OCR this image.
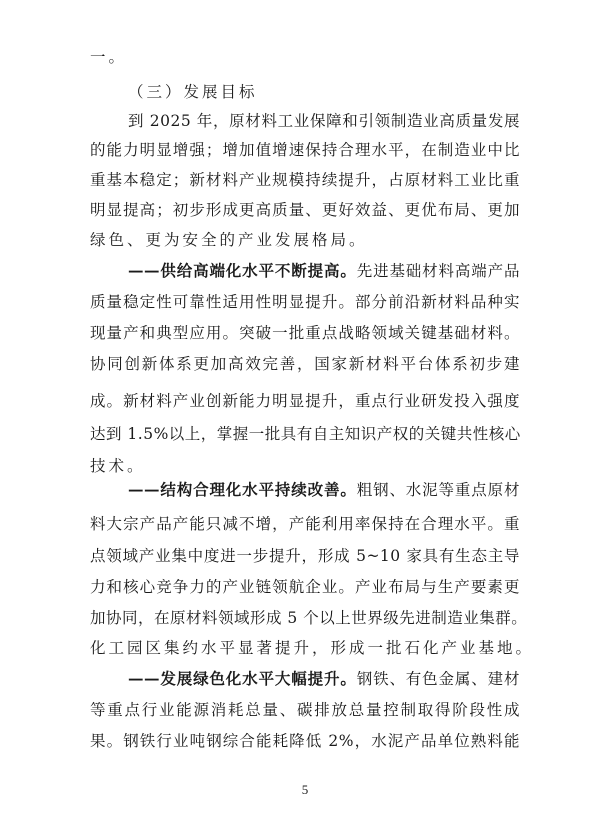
一。
（三）发展目标
到 2025 年，原材料工业保障和引领制造业高质量发展
的能力明显增强；增加值增速保持合理水平，在制造业中比
重基本稳定；新材料产业规模持续提升，占原材料工业比重
明显提高；初步形成更高质量、更好效益、更优布局、更加
绿色、更为安全的产业发展格局。
——供给高端化水平不断提高。先进基础材料高端产品
质量稳定性可靠性适用性明显提升。部分前沿新材料品种实
现量产和典型应用。突破一批重点战略领域关键基础材料。
协同创新体系更加高效完善，国家新材料平台体系初步建
成。新材料产业创新能力明显提升，重点行业研发投入强度
达到 1.5%以上，掌握一批具有自主知识产权的关键共性核心
技术。
——结构合理化水平持续改善。粗钢、水泥等重点原材
料大宗产品产能只减不增，产能利用率保持在合理水平。重
点领域产业集中度进一步提升，形成 5~10 家具有生态主导
力和核心竞争力的产业链领航企业。产业布局与生产要素更
加协同，在原材料领域形成 5 个以上世界级先进制造业集群。
化工园区集约水平显著提升，形成一批石化产业基地。
——发展绿色化水平大幅提升。钢铁、有色金属、建材
等重点行业能源消耗总量、碳排放总量控制取得阶段性成
果。钢铁行业吨钢综合能耗降低 2%，水泥产品单位熟料能
5
